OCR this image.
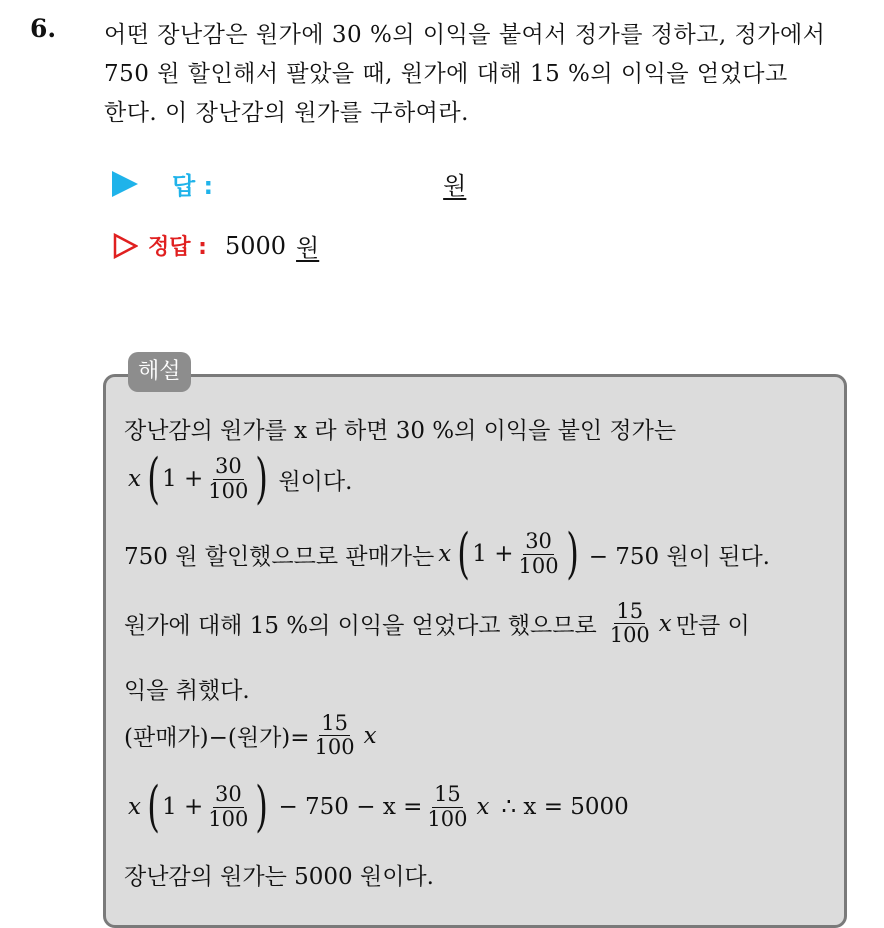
6. 어떤 장난감은 원가에 30 %의 이익을 붙여서 정가를 정하고, 정가에서
750 원 할인해서 팔았을 때, 원가에 대해 15 %의 이익을 얻었다고
한다. 이 장난감의 원가를 구하여라.
답 :	원
정답 : 5000 원
해설
장난감의 원가를 x 라 하면 30 %의 이익을 붙인 정가는
x ( $1 + \frac{30}{100}$ ) 원이다.
750 원 할인했으므로 판매가는 x ( $1 + \frac{30}{100}$ ) − 750 원이 된다.
원가에 대해 15 %의 이익을 얻었다고 했으므로 $\frac{15}{100}$ x 만큼 이
익을 취했다.
(판매가)−(원가)= $\frac{15}{100}$ x
x ( $1 + \frac{30}{100}$ ) − $750 - x = \frac{15}{100}$ x ∴ x = 5000
장난감의 원가는 5000 원이다.
